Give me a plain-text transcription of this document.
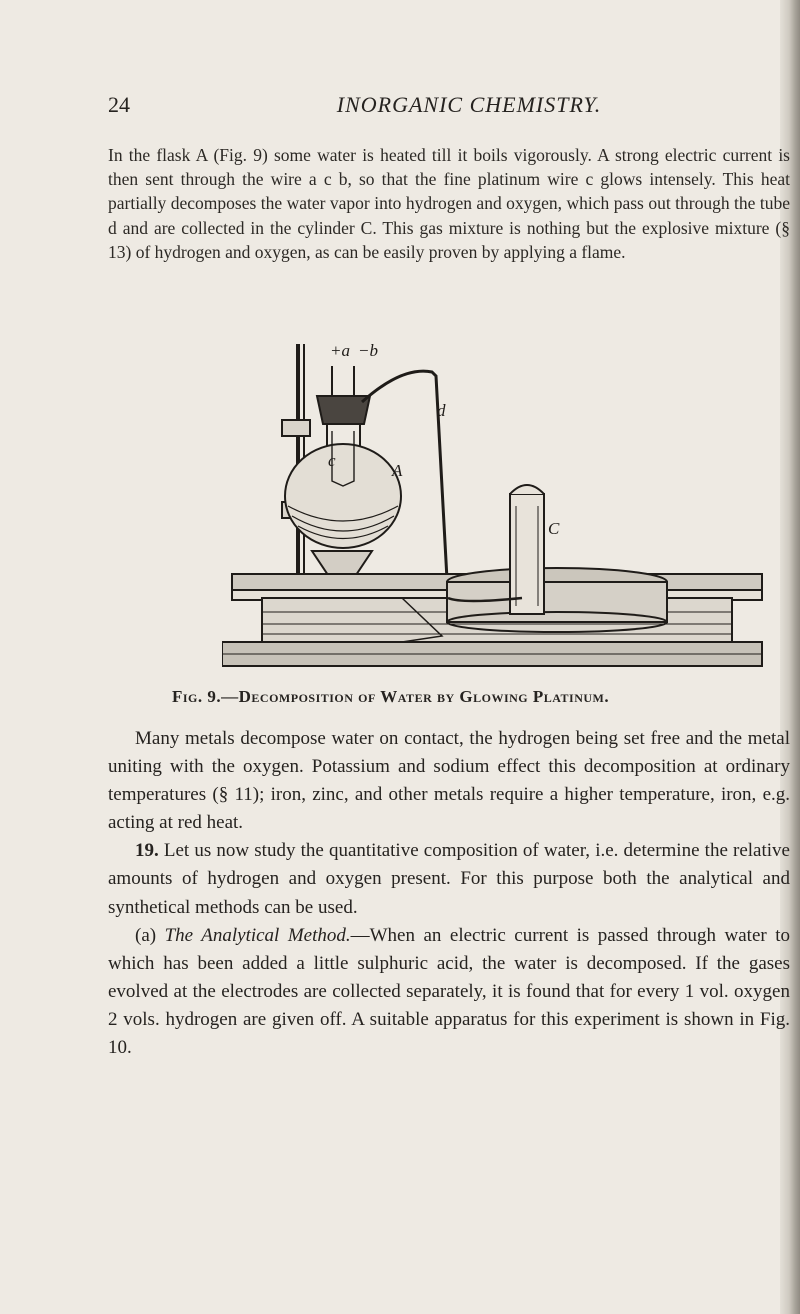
24	INORGANIC CHEMISTRY.
In the flask A (Fig. 9) some water is heated till it boils vigorously. A strong electric current is then sent through the wire a c b, so that the fine platinum wire c glows intensely. This heat partially decomposes the water vapor into hydrogen and oxygen, which pass out through the tube d and are collected in the cylinder C. This gas mixture is nothing but the explosive mixture (§ 13) of hydrogen and oxygen, as can be easily proven by applying a flame.
+a −b
d
c
A
C
Fig. 9.—Decomposition of Water by Glowing Platinum.

Many metals decompose water on contact, the hydrogen being set free and the metal uniting with the oxygen. Potassium and sodium effect this decomposition at ordinary temperatures (§ 11); iron, zinc, and other metals require a higher temperature, iron, e.g. acting at red heat.

19. Let us now study the quantitative composition of water, i.e. determine the relative amounts of hydrogen and oxygen present. For this purpose both the analytical and synthetical methods can be used.

(a) The Analytical Method.—When an electric current is passed through water to which has been added a little sulphuric acid, the water is decomposed. If the gases evolved at the electrodes are collected separately, it is found that for every 1 vol. oxygen 2 vols. hydrogen are given off. A suitable apparatus for this experiment is shown in Fig. 10.
